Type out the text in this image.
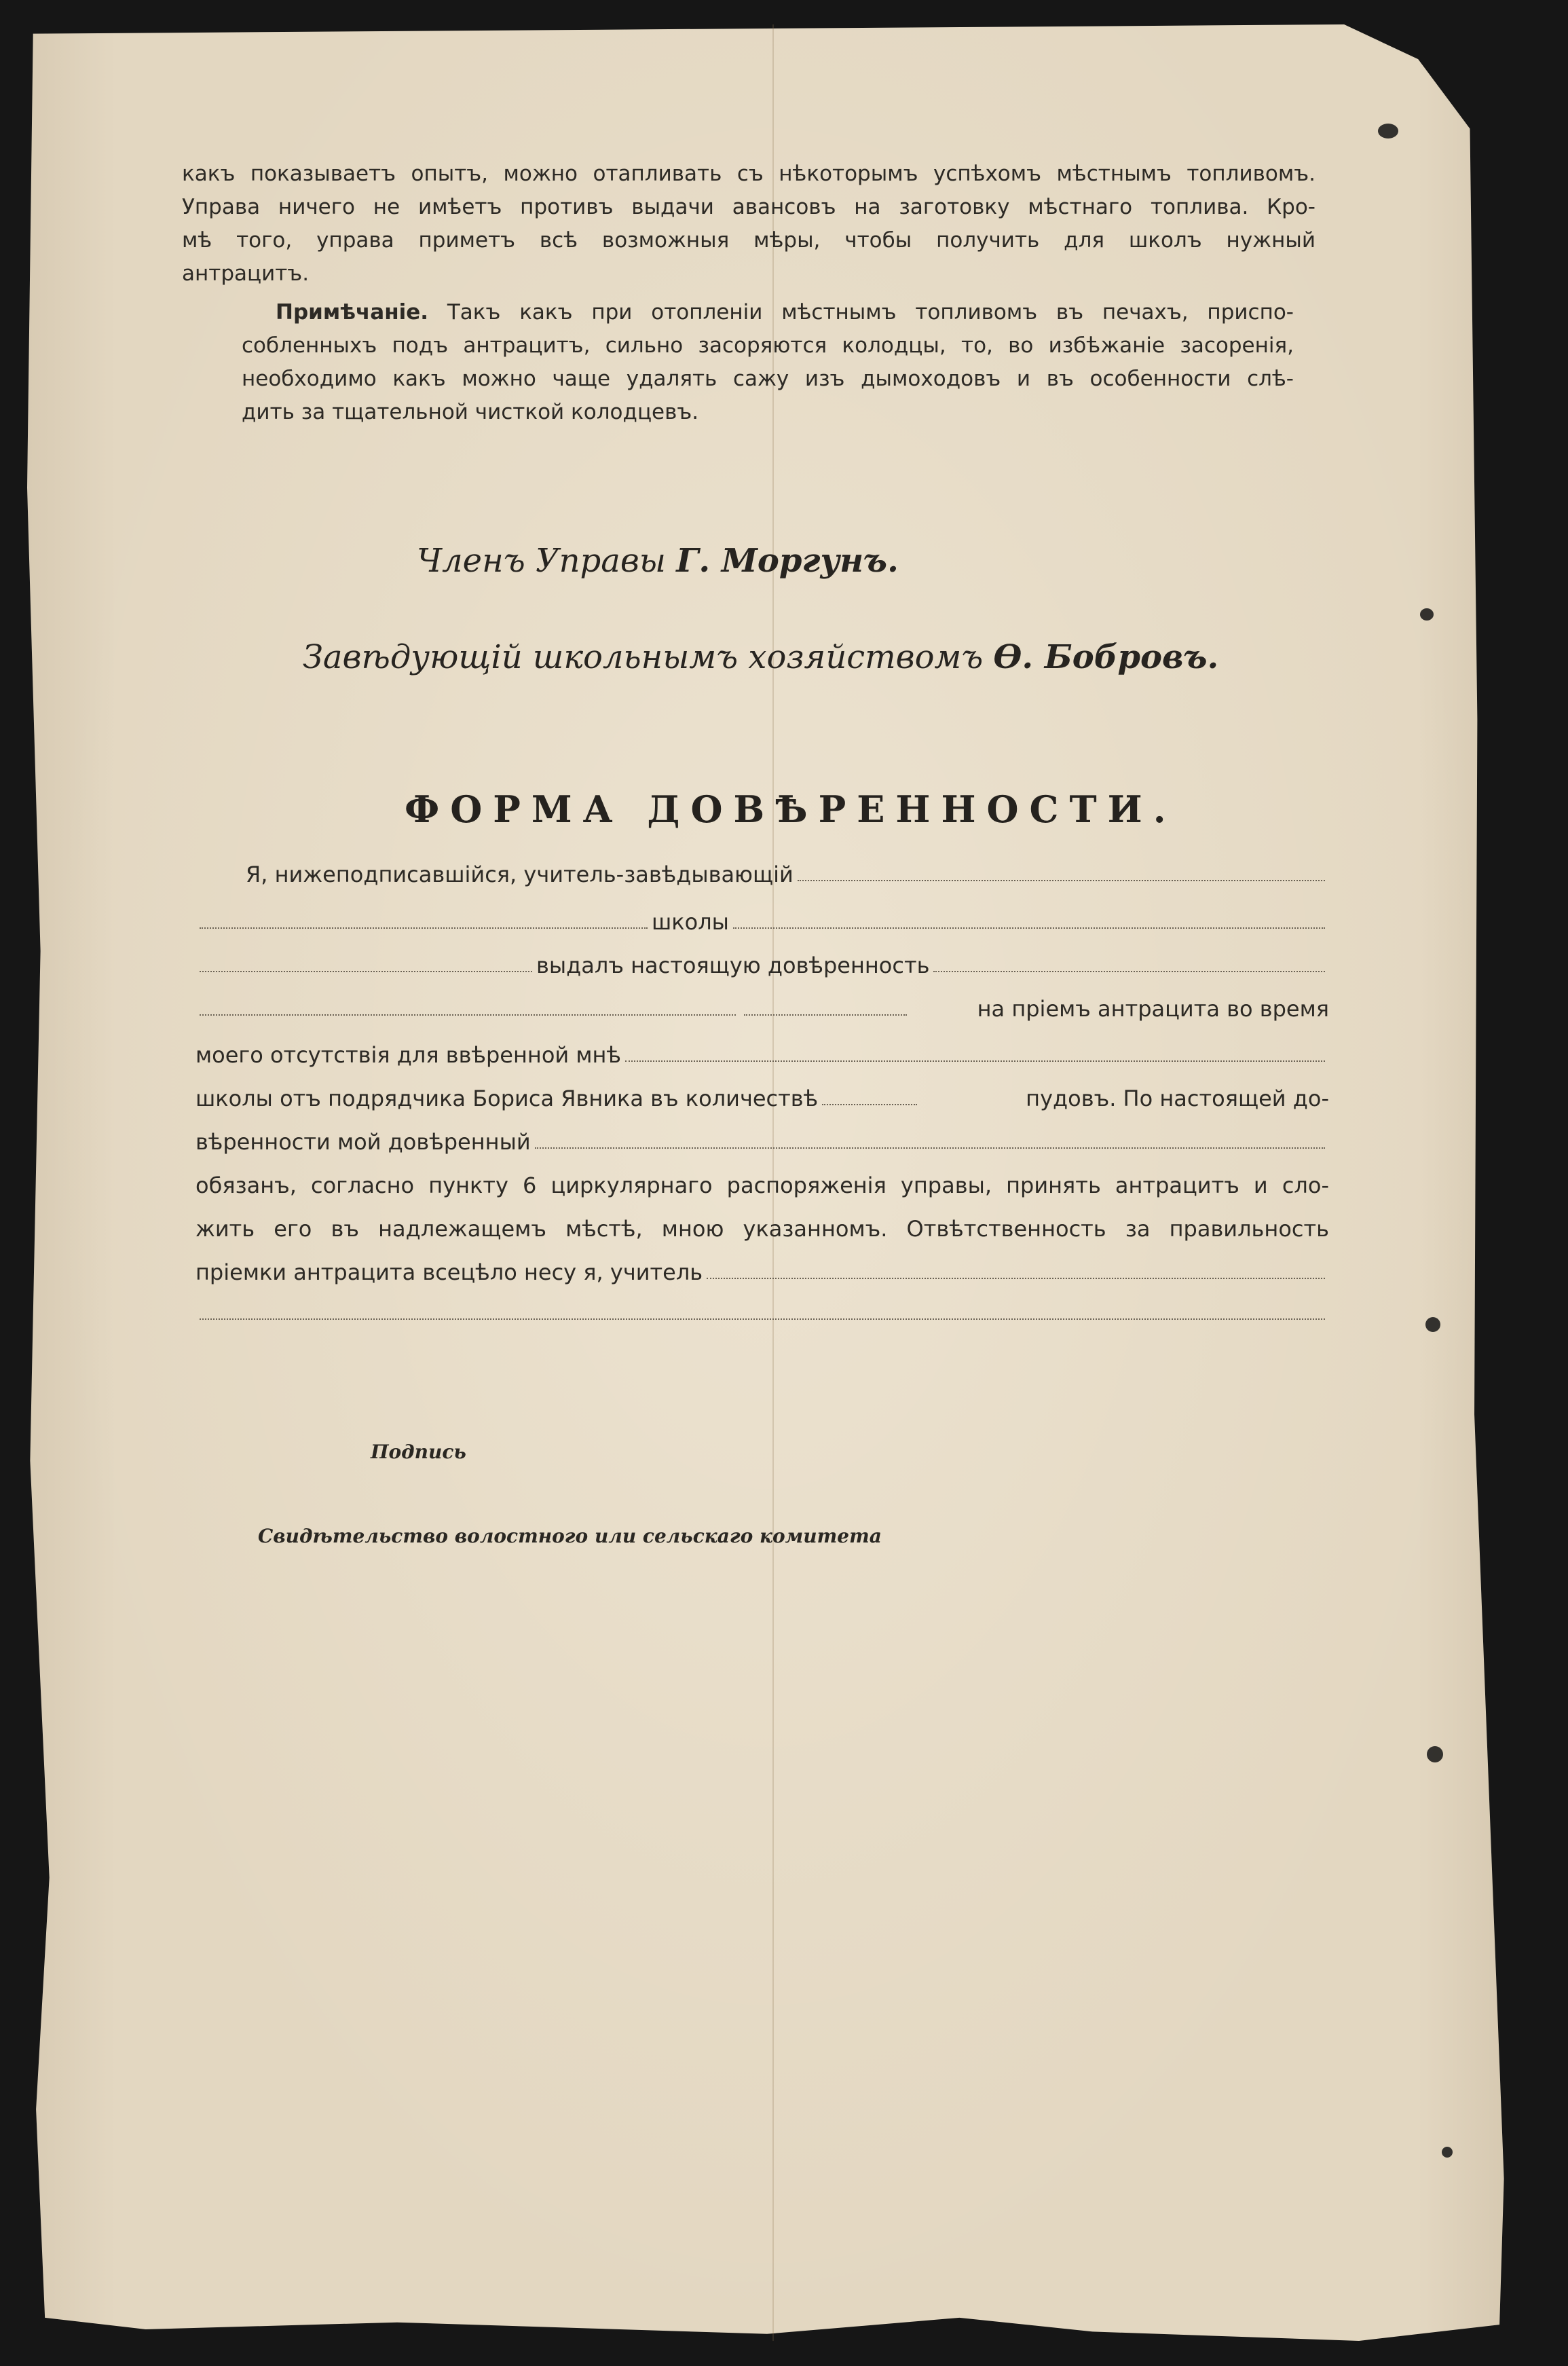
какъ показываетъ опытъ, можно отапливать съ нѣкоторымъ успѣхомъ мѣстнымъ топливомъ.
Управа ничего не имѣетъ противъ выдачи авансовъ на заготовку мѣстнаго топлива. Кро-
мѣ того, управа приметъ всѣ возможныя мѣры, чтобы получить для школъ нужный
антрацитъ.
Примѣчаніе. Такъ какъ при отопленіи мѣстнымъ топливомъ въ печахъ, приспо-
собленныхъ подъ антрацитъ, сильно засоряются колодцы, то, во избѣжаніе засоренія,
необходимо какъ можно чаще удалять сажу изъ дымоходовъ и въ особенности слѣ-
дить за тщательной чисткой колодцевъ.
Членъ Управы Г. Моргунъ.
Завѣдующій школьнымъ хозяйствомъ Ѳ. Бобровъ.
ФОРМА ДОВѢРЕННОСТИ.
Я, нижеподписавшійся, учитель-завѣдывающій
школы
выдалъ настоящую довѣренность
на пріемъ антрацита во время
моего отсутствія для ввѣренной мнѣ
школы отъ подрядчика Бориса Явника въ количествѣ	пудовъ. По настоящей до-
вѣренности мой довѣренный
обязанъ, согласно пункту 6 циркулярнаго распоряженія управы, принять антрацитъ и сло-
жить его въ надлежащемъ мѣстѣ, мною указанномъ. Отвѣтственность за правильность
пріемки антрацита всецѣло несу я, учитель
Подпись
Свидѣтельство волостного или сельскаго комитета
